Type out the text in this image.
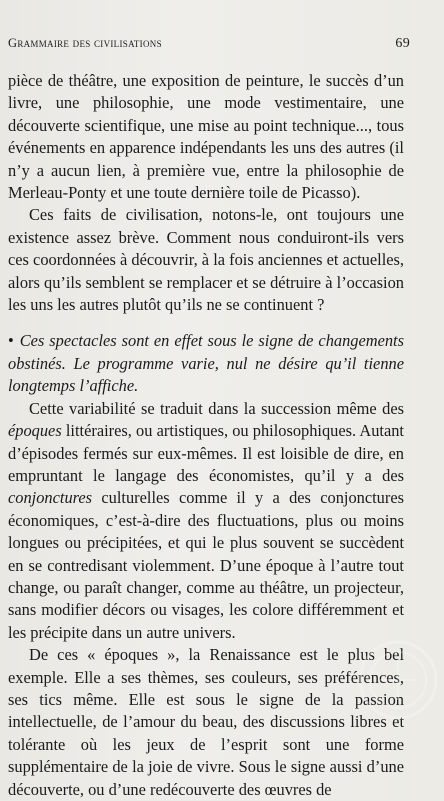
Grammaire des civilisations	69

pièce de théâtre, une exposition de peinture, le succès d’un livre, une philosophie, une mode vestimentaire, une découverte scientifique, une mise au point technique..., tous événements en apparence indépendants les uns des autres (il n’y a aucun lien, à première vue, entre la philosophie de Merleau-Ponty et une toute dernière toile de Picasso).

Ces faits de civilisation, notons-le, ont toujours une existence assez brève. Comment nous conduiront-ils vers ces coordonnées à découvrir, à la fois anciennes et actuelles, alors qu’ils semblent se remplacer et se détruire à l’occasion les uns les autres plutôt qu’ils ne se continuent ?

• Ces spectacles sont en effet sous le signe de changements obstinés. Le programme varie, nul ne désire qu’il tienne longtemps l’affiche.

Cette variabilité se traduit dans la succession même des époques littéraires, ou artistiques, ou philosophiques. Autant d’épisodes fermés sur eux-mêmes. Il est loisible de dire, en empruntant le langage des économistes, qu’il y a des conjonctures culturelles comme il y a des conjonctures économiques, c’est-à-dire des fluctuations, plus ou moins longues ou précipitées, et qui le plus souvent se succèdent en se contredisant violemment. D’une époque à l’autre tout change, ou paraît changer, comme au théâtre, un projecteur, sans modifier décors ou visages, les colore différemment et les précipite dans un autre univers.

De ces « époques », la Renaissance est le plus bel exemple. Elle a ses thèmes, ses couleurs, ses préférences, ses tics même. Elle est sous le signe de la passion intellectuelle, de l’amour du beau, des discussions libres et tolérante où les jeux de l’esprit sont une forme supplémentaire de la joie de vivre. Sous le signe aussi d’une découverte, ou d’une redécouverte des œuvres de
